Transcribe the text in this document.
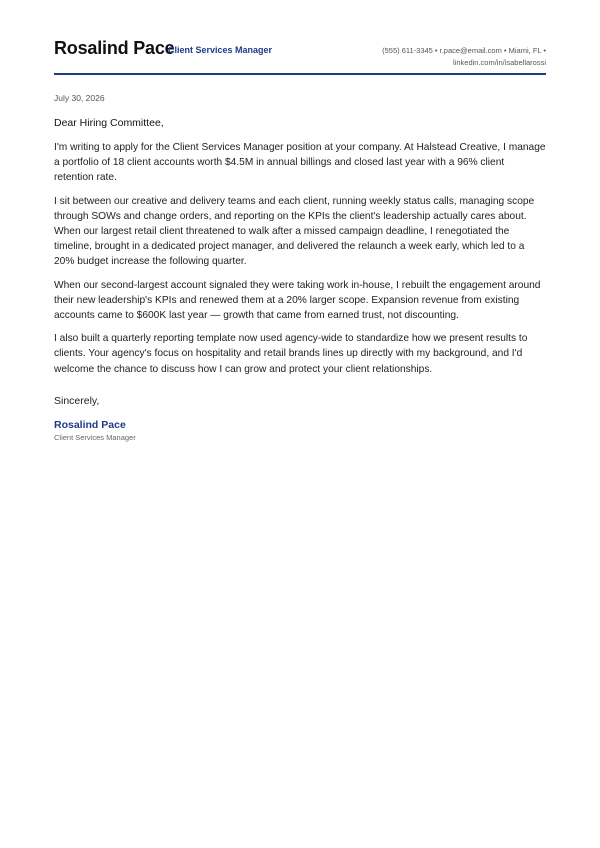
Rosalind Pace
Client Services Manager	(555) 611-3345 • r.pace@email.com • Miami, FL •
linkedin.com/in/isabellarossi
July 30, 2026
Dear Hiring Committee,

I'm writing to apply for the Client Services Manager position at your company. At Halstead Creative, I manage a portfolio of 18 client accounts worth $4.5M in annual billings and closed last year with a 96% client retention rate.

I sit between our creative and delivery teams and each client, running weekly status calls, managing scope through SOWs and change orders, and reporting on the KPIs the client's leadership actually cares about. When our largest retail client threatened to walk after a missed campaign deadline, I renegotiated the timeline, brought in a dedicated project manager, and delivered the relaunch a week early, which led to a 20% budget increase the following quarter.

When our second-largest account signaled they were taking work in-house, I rebuilt the engagement around their new leadership's KPIs and renewed them at a 20% larger scope. Expansion revenue from existing accounts came to $600K last year — growth that came from earned trust, not discounting.

I also built a quarterly reporting template now used agency-wide to standardize how we present results to clients. Your agency's focus on hospitality and retail brands lines up directly with my background, and I'd welcome the chance to discuss how I can grow and protect your client relationships.

Sincerely,
Rosalind Pace
Client Services Manager
